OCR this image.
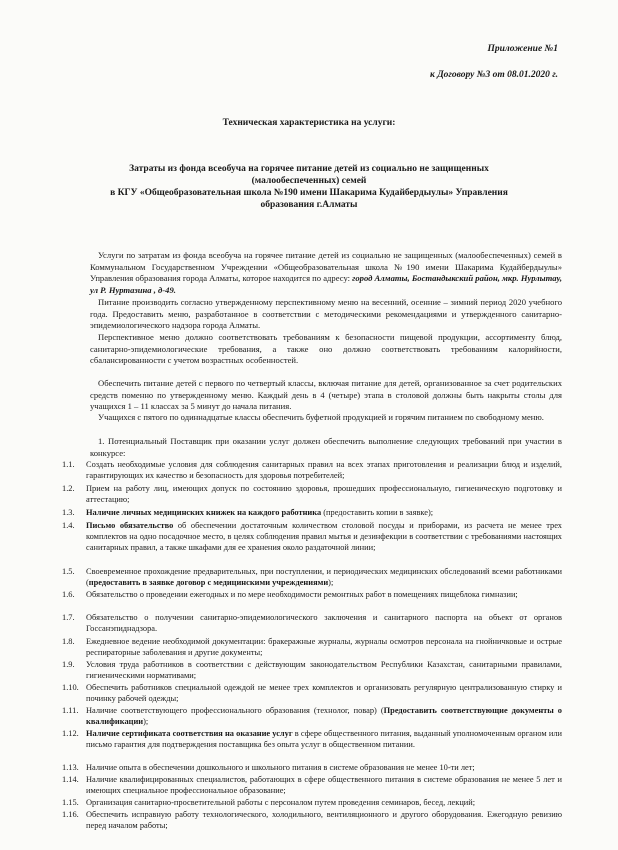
Приложение №1
к Договору №3 от 08.01.2020 г.
Техническая характеристика на услуги:
Затраты из фонда всеобуча на горячее питание детей из социально не защищенных
(малообеспеченных) семей
в КГУ «Общеобразовательная школа №190 имени Шакарима Кудайбердыулы» Управления
образования г.Алматы
Услуги по затратам из фонда всеобуча на горячее питание детей из социально не защищенных (малообеспеченных) семей в Коммунальном Государственном Учреждении «Общеобразовательная школа №190 имени Шакарима Кудайбердыулы» Управления образования города Алматы, которое находится по адресу: город Алматы, Бостандыкский район, мкр. Нурлытау, ул Р. Нуртазина , д-49.
Питание производить согласно утвержденному перспективному меню на весенний, осенние – зимний период 2020 учебного года. Предоставить меню, разработанное в соответствии с методическими рекомендациями и утвержденного санитарно-эпидемиологического надзора города Алматы.
Перспективное меню должно соответствовать требованиям к безопасности пищевой продукции, ассортименту блюд, санитарно-эпидемиологические требования, а также оно должно соответствовать требованиям калорийности, сбалансированности с учетом возрастных особенностей.
Обеспечить питание детей с первого по четвертый классы, включая питание для детей, организованное за счет родительских средств поменно по утвержденному меню. Каждый день в 4 (четыре) этапа в столовой должны быть накрыты столы для учащихся 1 – 11 классах за 5 минут до начала питания.
Учащихся с пятого по одиннадцатые классы обеспечить буфетной продукцией и горячим питанием по свободному меню.
1. Потенциальный Поставщик при оказании услуг должен обеспечить выполнение следующих требований при участии в конкурсе:
1.1.	Создать необходимые условия для соблюдения санитарных правил на всех этапах приготовления и реализации блюд и изделий, гарантирующих их качество и безопасность для здоровья потребителей;
1.2.	Прием на работу лиц, имеющих допуск по состоянию здоровья, прошедших профессиональную, гигиеническую подготовку и аттестацию;
1.3.	Наличие личных медицинских книжек на каждого работника (предоставить копии в заявке);
1.4.	Письмо обязательство об обеспечении достаточным количеством столовой посуды и приборами, из расчета не менее трех комплектов на одно посадочное место, в целях соблюдения правил мытья и дезинфекции в соответствии с требованиями настоящих санитарных правил, а также шкафами для ее хранения около раздаточной линии;
1.5.	Своевременное прохождение предварительных, при поступлении, и периодических медицинских обследований всеми работниками (предоставить в заявке договор с медицинскими учреждениями);
1.6.	Обязательство о проведении ежегодных и по мере необходимости ремонтных работ в помещениях пищеблока гимназии;
1.7.	Обязательство о получении санитарно-эпидемиологического заключения и санитарного паспорта на объект от органов Госсанэпиднадзора.
1.8.	Ежедневное ведение необходимой документации: бракеражные журналы, журналы осмотров персонала на гнойничковые и острые респираторные заболевания и другие документы;
1.9.	Условия труда работников в соответствии с действующим законодательством Республики Казахстан, санитарными правилами, гигиеническими нормативами;
1.10. Обеспечить работников специальной одеждой не менее трех комплектов и организовать регулярную централизованную стирку и починку рабочей одежды;
1.11. Наличие соответствующего профессионального образования (технолог, повар) (Предоставить соответствующие документы о квалификации);
1.12. Наличие сертификата соответствия на оказание услуг в сфере общественного питания, выданный уполномоченным органом или письмо гарантия для подтверждения поставщика без опыта услуг в общественном питании.
1.13. Наличие опыта в обеспечении дошкольного и школьного питания в системе образования не менее 10-ти лет;
1.14. Наличие квалифицированных специалистов, работающих в сфере общественного питания в системе образования не менее 5 лет и имеющих специальное профессиональное образование;
1.15. Организация санитарно-просветительной работы с персоналом путем проведения семинаров, бесед, лекций;
1.16. Обеспечить исправную работу технологического, холодильного, вентиляционного и другого оборудования. Ежегодную ревизию перед началом работы;
